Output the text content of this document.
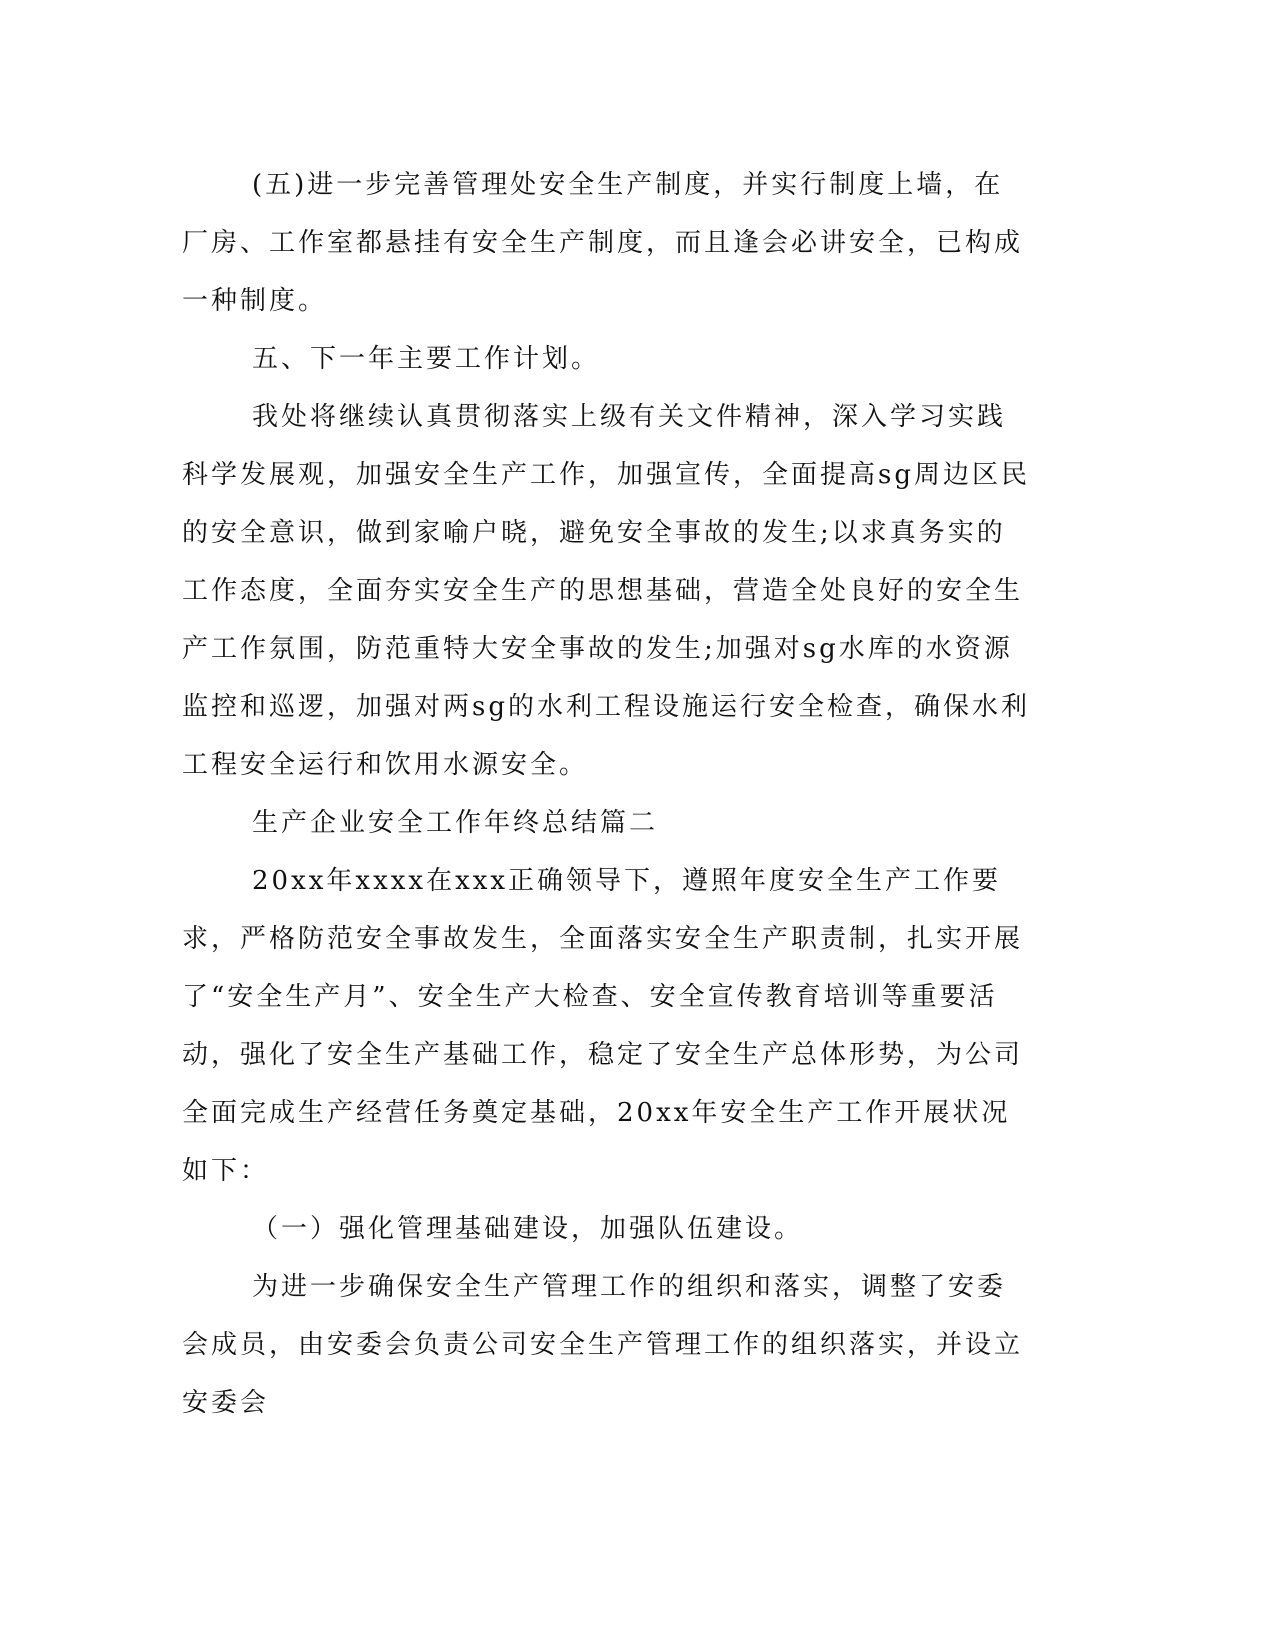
(五)进一步完善管理处安全生产制度，并实行制度上墙，在厂房、工作室都悬挂有安全生产制度，而且逢会必讲安全，已构成一种制度。

五、下一年主要工作计划。

我处将继续认真贯彻落实上级有关文件精神，深入学习实践科学发展观，加强安全生产工作，加强宣传，全面提高sg周边区民的安全意识，做到家喻户晓，避免安全事故的发生;以求真务实的工作态度，全面夯实安全生产的思想基础，营造全处良好的安全生产工作氛围，防范重特大安全事故的发生;加强对sg水库的水资源监控和巡逻，加强对两sg的水利工程设施运行安全检查，确保水利工程安全运行和饮用水源安全。

生产企业安全工作年终总结篇二

20xx年xxxx在xxx正确领导下，遵照年度安全生产工作要求，严格防范安全事故发生，全面落实安全生产职责制，扎实开展了“安全生产月”、安全生产大检查、安全宣传教育培训等重要活动，强化了安全生产基础工作，稳定了安全生产总体形势，为公司全面完成生产经营任务奠定基础，20xx年安全生产工作开展状况如下：

（一）强化管理基础建设，加强队伍建设。

为进一步确保安全生产管理工作的组织和落实，调整了安委会成员，由安委会负责公司安全生产管理工作的组织落实，并设立安委会
